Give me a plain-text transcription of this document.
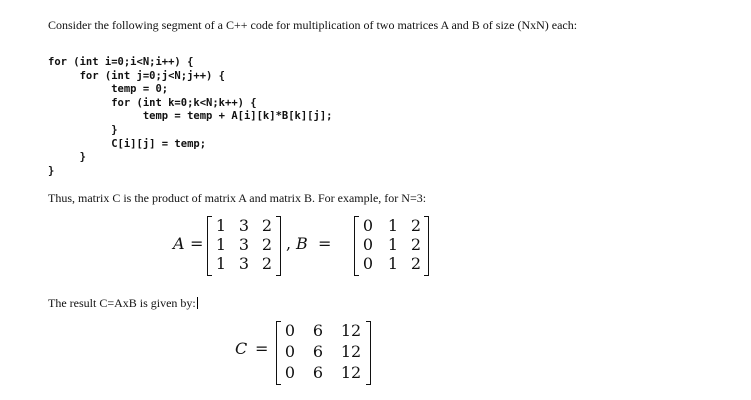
Consider the following segment of a C++ code for multiplication of two matrices A and B of size (NxN) each:

for (int i=0;i<N;i++) {
for (int j=0;j<N;j++) {
temp = 0;
for (int k=0;k<N;k++) {
temp = temp + A[i][k]*B[k][j];
}
C[i][j] = temp;
}
}

Thus, matrix C is the product of matrix A and matrix B. For example, for N=3:

A =
1 3 2
1 3 2
1 3 2
, B =
0 1 2
0 1 2
0 1 2

The result C=AxB is given by:

C =
0	6	12
0	6	12
0	6	12
